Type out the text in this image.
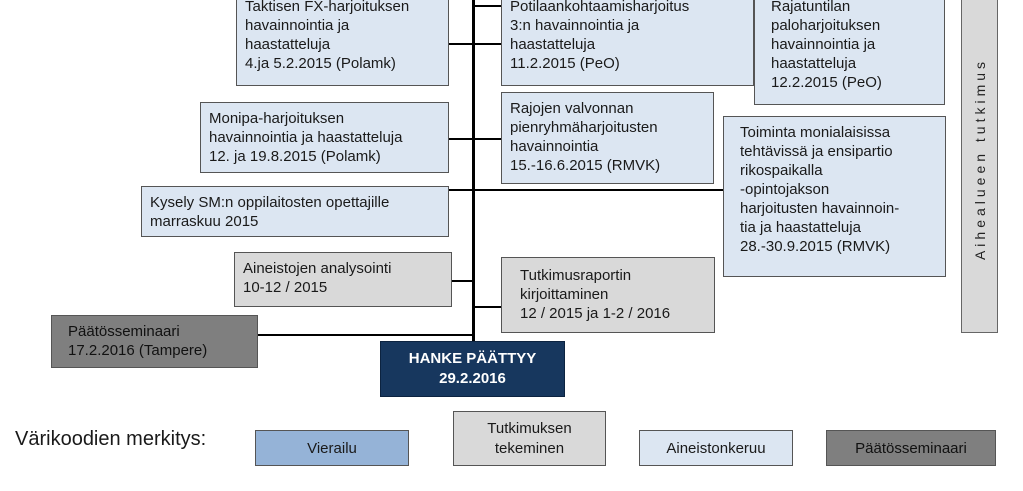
Taktisen FX-harjoituksen
havainnointia ja
haastatteluja
4.ja 5.2.2015 (Polamk)
Potilaankohtaamisharjoitus
3:n havainnointia ja
haastatteluja
11.2.2015 (PeO)
Rajatuntilan
paloharjoituksen
havainnointia ja
haastatteluja
12.2.2015 (PeO)
Monipa-harjoituksen
havainnointia ja haastatteluja
12. ja 19.8.2015 (Polamk)
Rajojen valvonnan
pienryhmäharjoitusten
havainnointia
15.-16.6.2015 (RMVK)
Toiminta monialaisissa
tehtävissä ja ensipartio
rikospaikalla
-opintojakson
harjoitusten havainnoin-
tia ja haastatteluja
28.-30.9.2015 (RMVK)
Kysely SM:n oppilaitosten opettajille
marraskuu 2015
Aineistojen analysointi
10-12 / 2015
Tutkimusraportin
kirjoittaminen
12 / 2015 ja 1-2 / 2016
Päätösseminaari
17.2.2016 (Tampere)	HANKE PÄÄTTYY
29.2.2016
Aihealueen tutkimus
Värikoodien merkitys:	Vierailu
Tutkimuksen
tekeminen	Aineistonkeruu	Päätösseminaari
